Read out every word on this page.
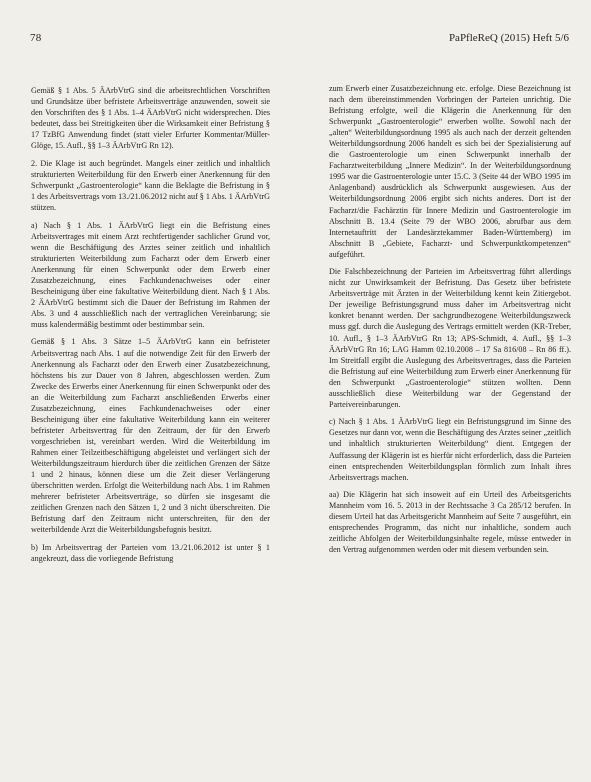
78	PaPfleReQ (2015) Heft 5/6

Gemäß § 1 Abs. 5 ÄArbVtrG sind die arbeitsrechtlichen Vorschriften und Grundsätze über befristete Arbeitsverträge anzuwenden, soweit sie den Vorschriften des § 1 Abs. 1–4 ÄArbVtrG nicht widersprechen. Dies bedeutet, dass bei Streitigkeiten über die Wirksamkeit einer Befristung § 17 TzBfG Anwendung findet (statt vieler Erfurter Kommentar/Müller-Glöge, 15. Aufl., §§ 1–3 ÄArbVtrG Rn 12).

2. Die Klage ist auch begründet. Mangels einer zeitlich und inhaltlich strukturierten Weiterbildung für den Erwerb einer Anerkennung für den Schwerpunkt „Gastroenterologie“ kann die Beklagte die Befristung in § 1 des Arbeitsvertrags vom 13./21.06.2012 nicht auf § 1 Abs. 1 ÄArbVtrG stützen.

a) Nach § 1 Abs. 1 ÄArbVtrG liegt ein die Befristung eines Arbeitsvertrages mit einem Arzt rechtfertigender sachlicher Grund vor, wenn die Beschäftigung des Arztes seiner zeitlich und inhaltlich strukturierten Weiterbildung zum Facharzt oder dem Erwerb einer Anerkennung für einen Schwerpunkt oder dem Erwerb einer Zusatzbezeichnung, eines Fachkundenachweises oder einer Bescheinigung über eine fakultative Weiterbildung dient. Nach § 1 Abs. 2 ÄArbVtrG bestimmt sich die Dauer der Befristung im Rahmen der Abs. 3 und 4 ausschließlich nach der vertraglichen Vereinbarung; sie muss kalendermäßig bestimmt oder bestimmbar sein.

Gemäß § 1 Abs. 3 Sätze 1–5 ÄArbVtrG kann ein befristeter Arbeitsvertrag nach Abs. 1 auf die notwendige Zeit für den Erwerb der Anerkennung als Facharzt oder den Erwerb einer Zusatzbezeichnung, höchstens bis zur Dauer von 8 Jahren, abgeschlossen werden. Zum Zwecke des Erwerbs einer Anerkennung für einen Schwerpunkt oder des an die Weiterbildung zum Facharzt anschließenden Erwerbs einer Zusatzbezeichnung, eines Fachkundenachweises oder einer Bescheinigung über eine fakultative Weiterbildung kann ein weiterer befristeter Arbeitsvertrag für den Zeitraum, der für den Erwerb vorgeschrieben ist, vereinbart werden. Wird die Weiterbildung im Rahmen einer Teilzeitbeschäftigung abgeleistet und verlängert sich der Weiterbildungszeitraum hierdurch über die zeitlichen Grenzen der Sätze 1 und 2 hinaus, können diese um die Zeit dieser Verlängerung überschritten werden. Erfolgt die Weiterbildung nach Abs. 1 im Rahmen mehrerer befristeter Arbeitsverträge, so dürfen sie insgesamt die zeitlichen Grenzen nach den Sätzen 1, 2 und 3 nicht überschreiten. Die Befristung darf den Zeitraum nicht unterschreiten, für den der weiterbildende Arzt die Weiterbildungsbefugnis besitzt.

b) Im Arbeitsvertrag der Parteien vom 13./21.06.2012 ist unter § 1 angekreuzt, dass die vorliegende Befristung

zum Erwerb einer Zusatzbezeichnung etc. erfolge. Diese Bezeichnung ist nach dem übereinstimmenden Vorbringen der Parteien unrichtig. Die Befristung erfolgte, weil die Klägerin die Anerkennung für den Schwerpunkt „Gastroenterologie“ erwerben wollte. Sowohl nach der „alten“ Weiterbildungsordnung 1995 als auch nach der derzeit geltenden Weiterbildungsordnung 2006 handelt es sich bei der Spezialisierung auf die Gastroenterologie um einen Schwerpunkt innerhalb der Facharztweiterbildung „Innere Medizin“. In der Weiterbildungsordnung 1995 war die Gastroenterologie unter 15.C. 3 (Seite 44 der WBO 1995 im Anlagenband) ausdrücklich als Schwerpunkt ausgewiesen. Aus der Weiterbildungsordnung 2006 ergibt sich nichts anderes. Dort ist der Facharzt/die Fachärztin für Innere Medizin und Gastroenterologie im Abschnitt B. 13.4 (Seite 79 der WBO 2006, abrufbar aus dem Internetauftritt der Landesärztekammer Baden-Württemberg) im Abschnitt B „Gebiete, Facharzt- und Schwerpunktkompetenzen“ aufgeführt.

Die Falschbezeichnung der Parteien im Arbeitsvertrag führt allerdings nicht zur Unwirksamkeit der Befristung. Das Gesetz über befristete Arbeitsverträge mit Ärzten in der Weiterbildung kennt kein Zitiergebot. Der jeweilige Befristungsgrund muss daher im Arbeitsvertrag nicht konkret benannt werden. Der sachgrundbezogene Weiterbildungszweck muss ggf. durch die Auslegung des Vertrags ermittelt werden (KR-Treber, 10. Aufl., § 1–3 ÄArbVtrG Rn 13; APS-Schmidt, 4. Aufl., §§ 1–3 ÄArbVtrG Rn 16; LAG Hamm 02.10.2008 – 17 Sa 816/08 – Rn 86 ff.). Im Streitfall ergibt die Auslegung des Arbeitsvertrages, dass die Parteien die Befristung auf eine Weiterbildung zum Erwerb einer Anerkennung für den Schwerpunkt „Gastroenterologie“ stützen wollten. Denn ausschließlich diese Weiterbildung war der Gegenstand der Parteivereinbarungen.

c) Nach § 1 Abs. 1 ÄArbVtrG liegt ein Befristungsgrund im Sinne des Gesetzes nur dann vor, wenn die Beschäftigung des Arztes seiner „zeitlich und inhaltlich strukturierten Weiterbildung“ dient. Entgegen der Auffassung der Klägerin ist es hierfür nicht erforderlich, dass die Parteien einen entsprechenden Weiterbildungsplan förmlich zum Inhalt ihres Arbeitsvertrags machen.

aa) Die Klägerin hat sich insoweit auf ein Urteil des Arbeitsgerichts Mannheim vom 16. 5. 2013 in der Rechtssache 3 Ca 285/12 berufen. In diesem Urteil hat das Arbeitsgericht Mannheim auf Seite 7 ausgeführt, ein entsprechendes Programm, das nicht nur inhaltliche, sondern auch zeitliche Abfolgen der Weiterbildungsinhalte regele, müsse entweder in den Vertrag aufgenommen werden oder mit diesem verbunden sein.
